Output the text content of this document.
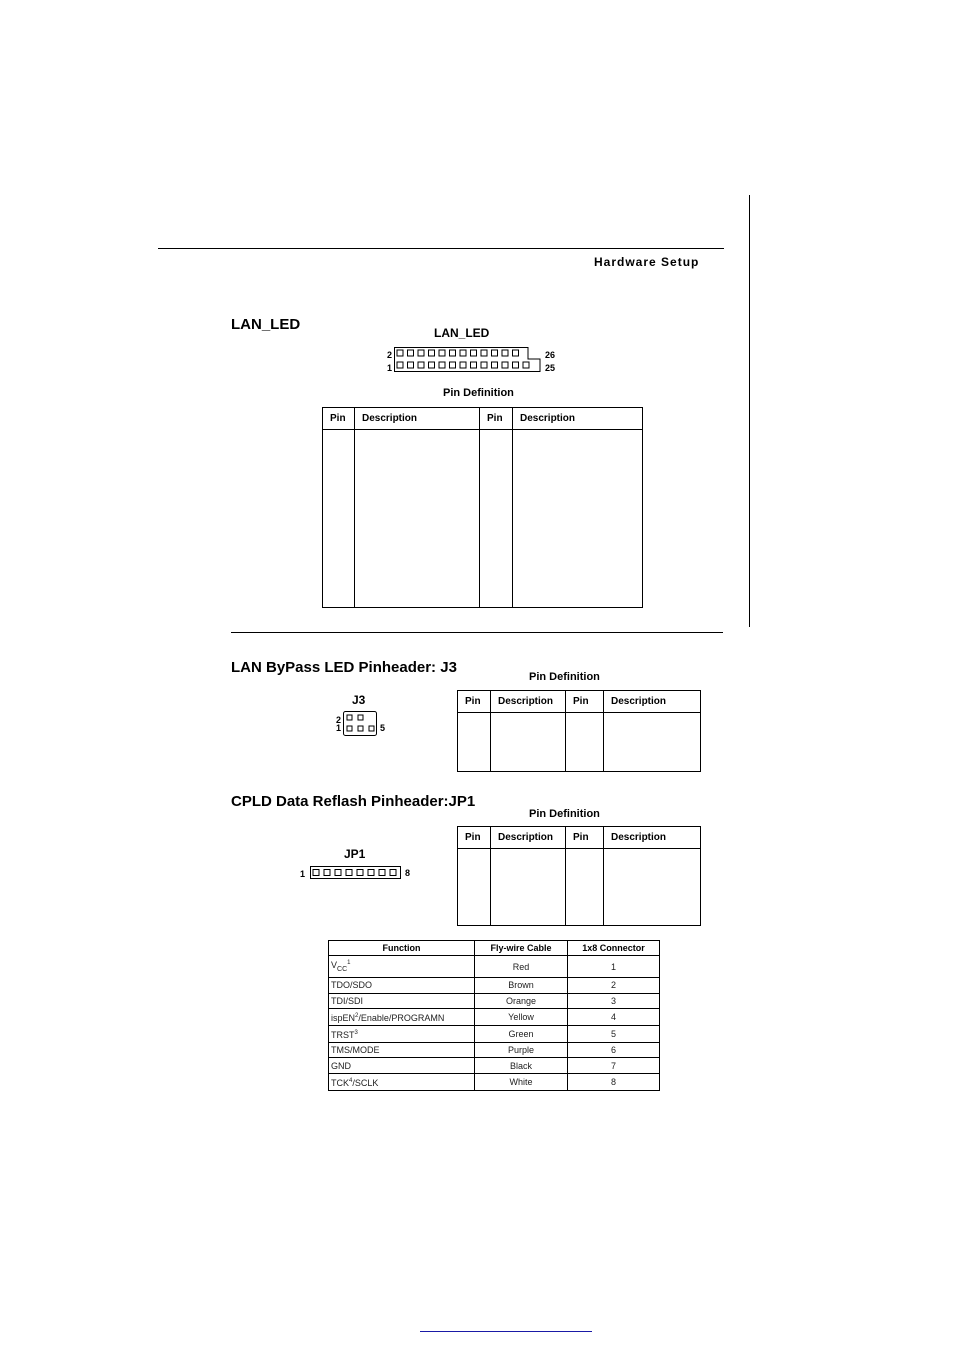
Hardware Setup
LAN_LED	LAN_LED
2
1
26
25
Pin Definition
Pin	Description	Pin	Description

LAN ByPass LED Pinheader: J3
Pin Definition
J3
2
1	5
Pin	Description	Pin	Description

CPLD Data Reflash Pinheader:JP1
Pin Definition
JP1
1	8
Pin	Description	Pin	Description

Function	Fly-wire Cable	1x8 Connector
$V_{CC}^1$	Red	1
TDO/SDO	Brown	2
TDI/SDI	Orange	3
ispEN$^2$/Enable/PROGRAMN	Yellow	4
TRST$^3$	Green	5
TMS/MODE	Purple	6
GND	Black	7
TCK$^4$/SCLK	White	8
